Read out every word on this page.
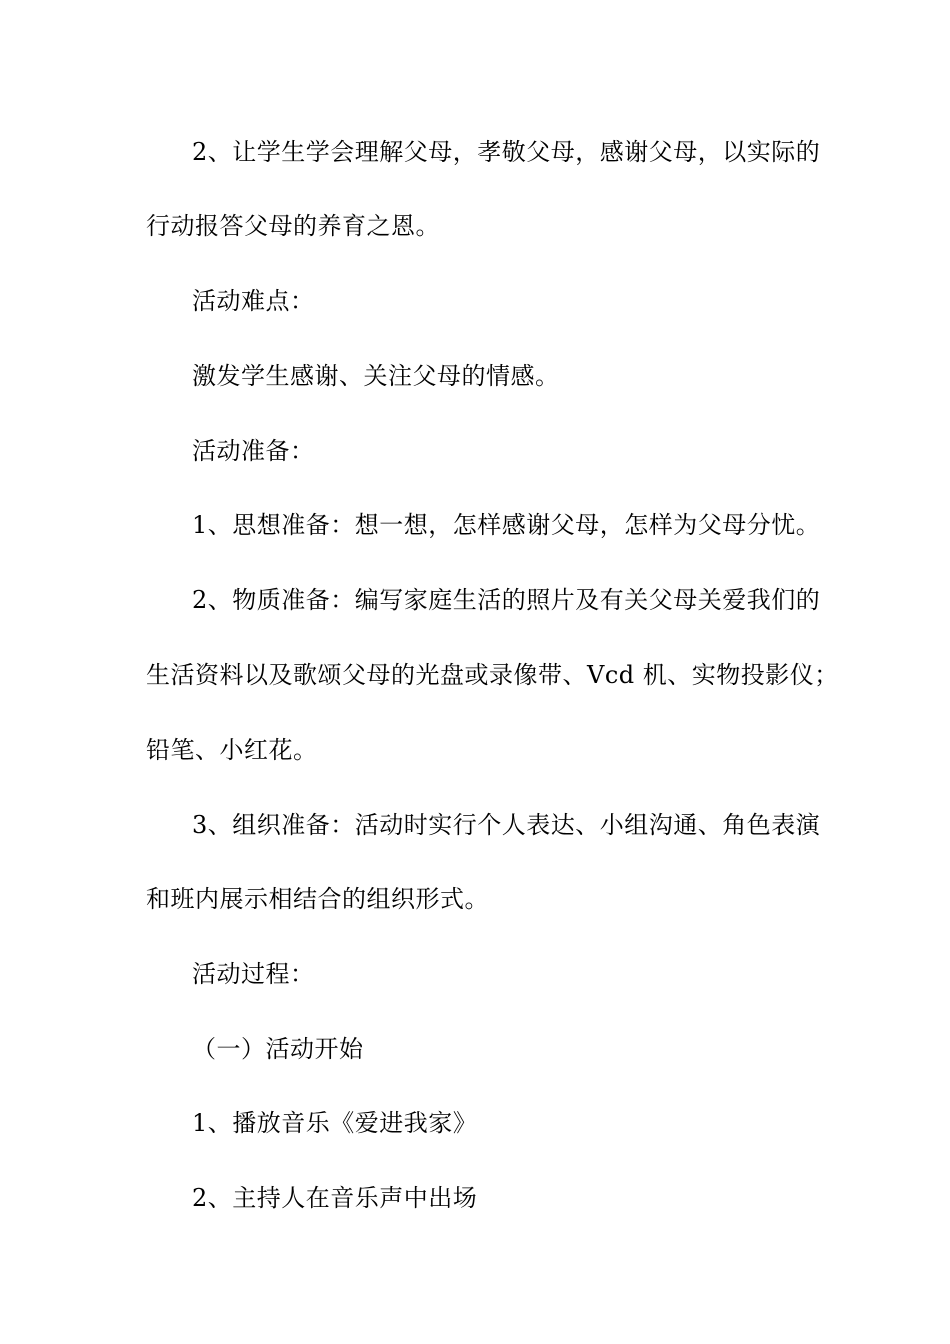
2、让学生学会理解父母，孝敬父母，感谢父母，以实际的
行动报答父母的养育之恩。
活动难点：
激发学生感谢、关注父母的情感。
活动准备：
1、思想准备：想一想，怎样感谢父母，怎样为父母分忧。
2、物质准备：编写家庭生活的照片及有关父母关爱我们的
生活资料以及歌颂父母的光盘或录像带、Vcd 机、实物投影仪；
铅笔、小红花。
3、组织准备：活动时实行个人表达、小组沟通、角色表演
和班内展示相结合的组织形式。
活动过程：
（一）活动开始
1、播放音乐《爱进我家》
2、主持人在音乐声中出场
